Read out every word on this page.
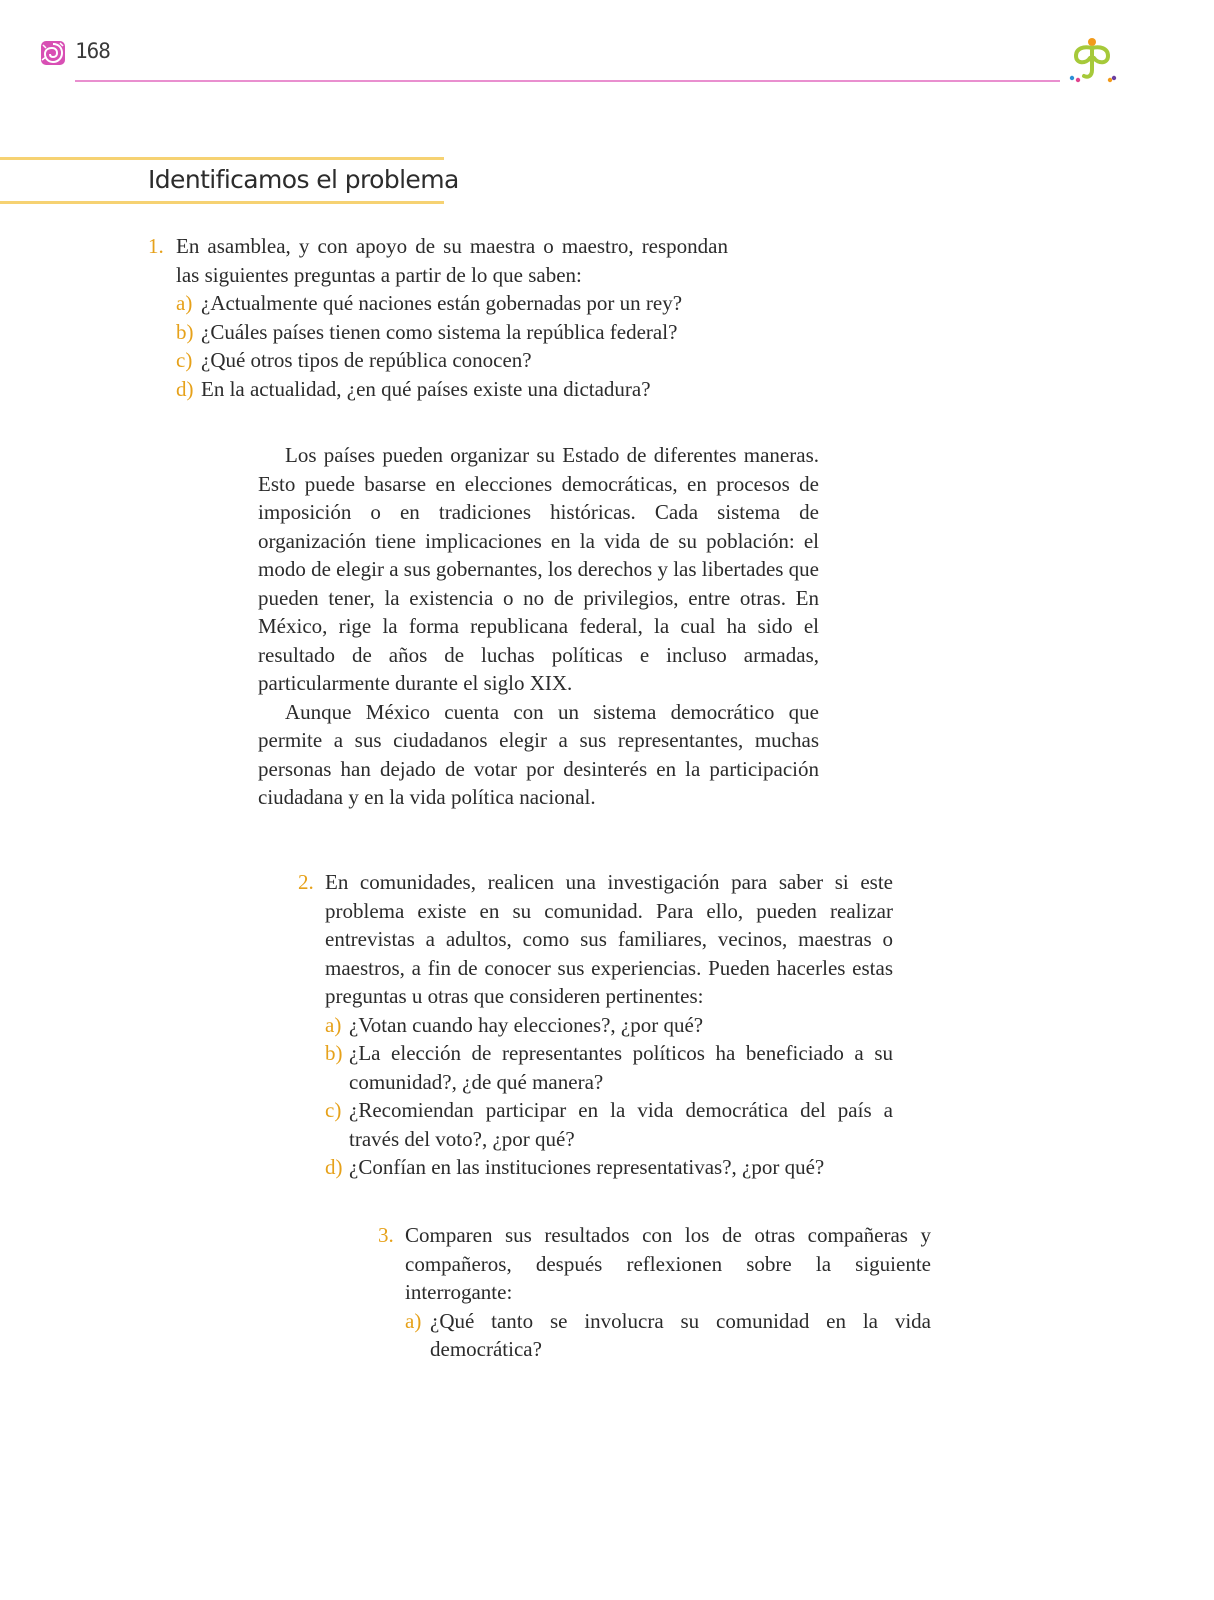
168
Identificamos el problema

1. En asamblea, y con apoyo de su maestra o maestro, respondan las siguientes preguntas a partir de lo que saben:

a) ¿Actualmente qué naciones están gobernadas por un rey?

b) ¿Cuáles países tienen como sistema la república federal?

c) ¿Qué otros tipos de república conocen?

d) En la actualidad, ¿en qué países existe una dictadura?

Los países pueden organizar su Estado de diferentes maneras. Esto puede basarse en elecciones democráticas, en procesos de imposición o en tradiciones históricas. Cada sistema de organización tiene implicaciones en la vida de su población: el modo de elegir a sus gobernantes, los derechos y las libertades que pueden tener, la existencia o no de privilegios, entre otras. En México, rige la forma republicana federal, la cual ha sido el resultado de años de luchas políticas e incluso armadas, particularmente durante el siglo XIX.

Aunque México cuenta con un sistema democrático que permite a sus ciudadanos elegir a sus representantes, muchas personas han dejado de votar por desinterés en la participación ciudadana y en la vida política nacional.

2. En comunidades, realicen una investigación para saber si este problema existe en su comunidad. Para ello, pueden realizar entrevistas a adultos, como sus familiares, vecinos, maestras o maestros, a fin de conocer sus experiencias. Pueden hacerles estas preguntas u otras que consideren pertinentes:

a) ¿Votan cuando hay elecciones?, ¿por qué?

b) ¿La elección de representantes políticos ha beneficiado a su comunidad?, ¿de qué manera?

c) ¿Recomiendan participar en la vida democrática del país a través del voto?, ¿por qué?

d) ¿Confían en las instituciones representativas?, ¿por qué?

3. Comparen sus resultados con los de otras compañeras y compañeros, después reflexionen sobre la siguiente interrogante:

a) ¿Qué tanto se involucra su comunidad en la vida democrática?
